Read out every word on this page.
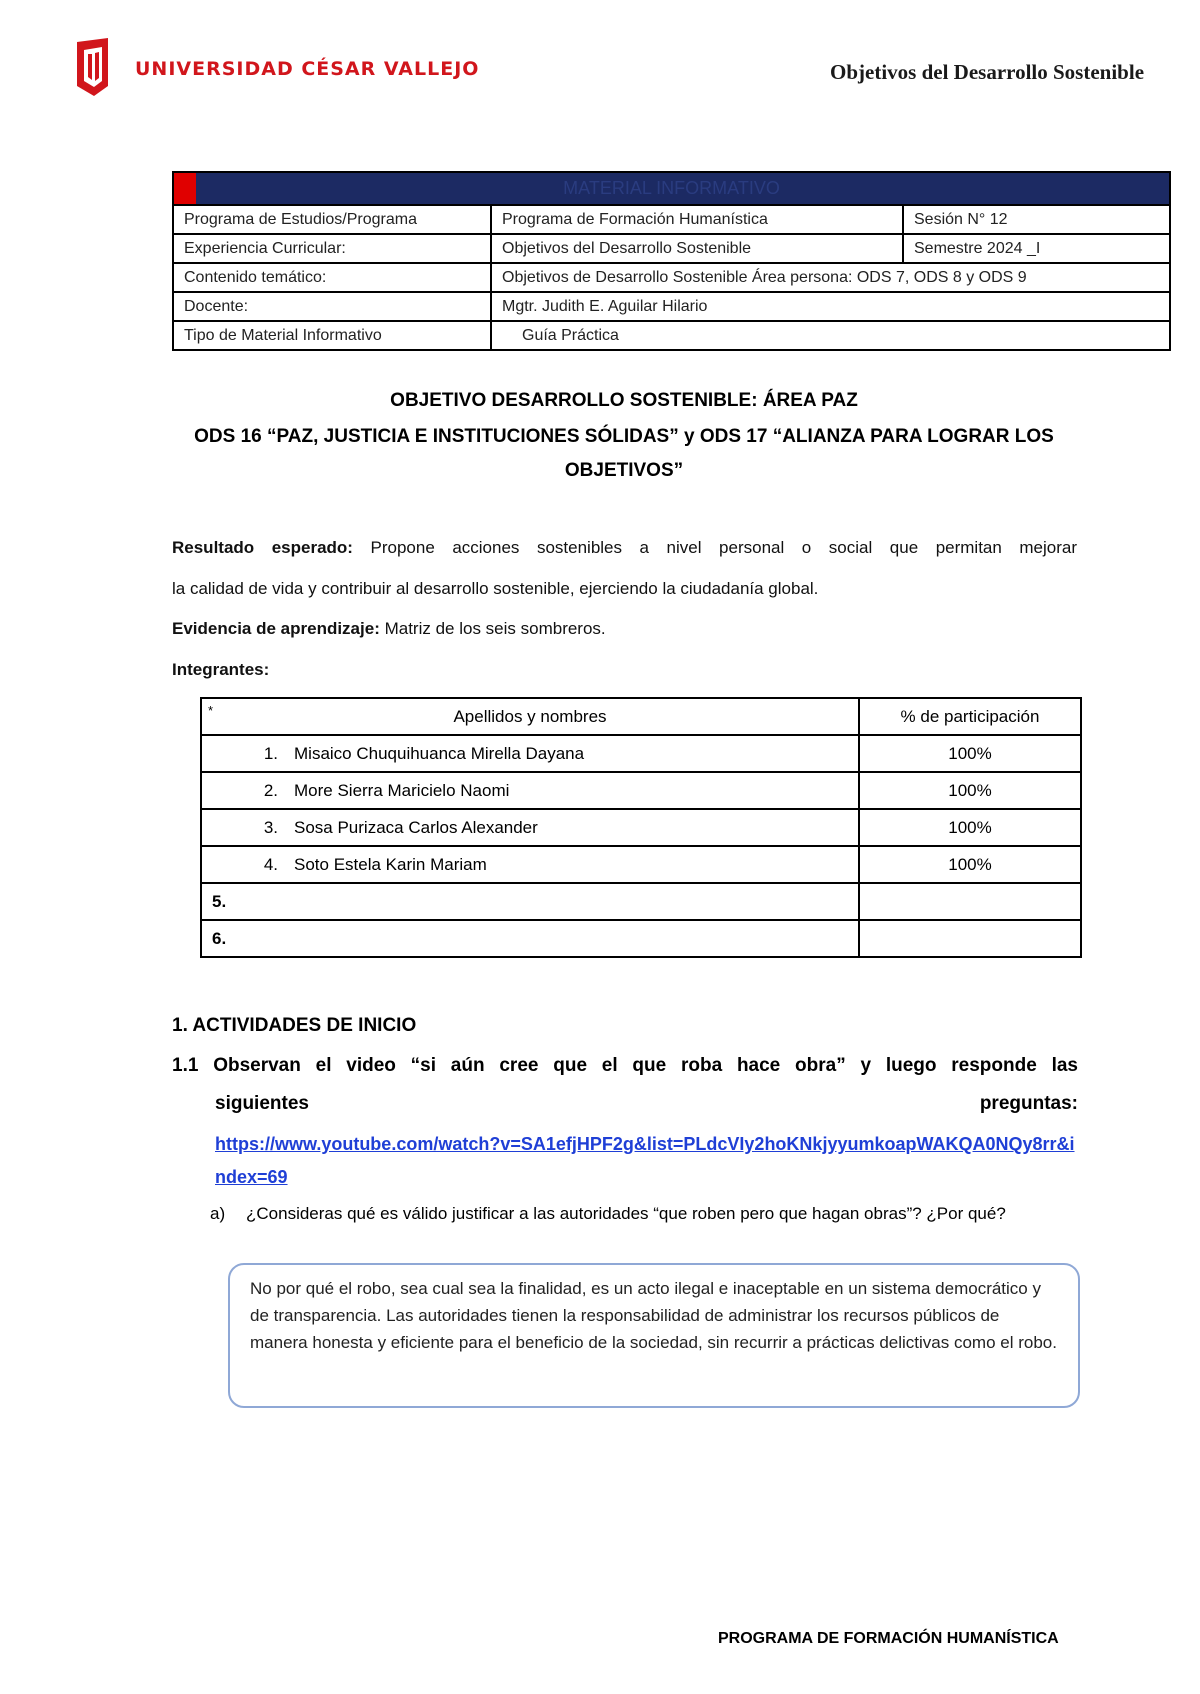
UNIVERSIDAD CÉSAR VALLEJO	Objetivos del Desarrollo Sostenible
MATERIAL INFORMATIVO		
Programa de Estudios/Programa	Programa de Formación Humanística	Sesión N° 12
Experiencia Curricular:	Objetivos del Desarrollo Sostenible	Semestre 2024 _I
Contenido temático:	Objetivos de Desarrollo Sostenible Área persona: ODS 7, ODS 8 y ODS 9	
Docente:	Mgtr. Judith E. Aguilar Hilario	
Tipo de Material Informativo	Guía Práctica	
OBJETIVO DESARROLLO SOSTENIBLE: ÁREA PAZ
ODS 16 “PAZ, JUSTICIA E INSTITUCIONES SÓLIDAS” y ODS 17 “ALIANZA PARA LOGRAR LOS
OBJETIVOS”
Resultado esperado: Propone acciones sostenibles a nivel personal o social que permitan mejorar
la calidad de vida y contribuir al desarrollo sostenible, ejerciendo la ciudadanía global.
Evidencia de aprendizaje: Matriz de los seis sombreros.
Integrantes:
* Apellidos y nombres	% de participación
1. Misaico Chuquihuanca Mirella Dayana	100%
2. More Sierra Maricielo Naomi	100%
3. Sosa Purizaca Carlos Alexander	100%
4. Soto Estela Karin Mariam	100%
5.	
6.	
1. ACTIVIDADES DE INICIO
1.1 Observan el video “si aún cree que el que roba hace obra” y luego responde las
siguientes preguntas:
https://www.youtube.com/watch?v=SA1efjHPF2g&list=PLdcVIy2hoKNkjyyumkoapWAKQA0NQy8rr&index=69
a) ¿Consideras qué es válido justificar a las autoridades “que roben pero que hagan obras”? ¿Por qué?
No por qué el robo, sea cual sea la finalidad, es un acto ilegal e inaceptable en un sistema democrático y de transparencia. Las autoridades tienen la responsabilidad de administrar los recursos públicos de manera honesta y eficiente para el beneficio de la sociedad, sin recurrir a prácticas delictivas como el robo.
PROGRAMA DE FORMACIÓN HUMANÍSTICA
